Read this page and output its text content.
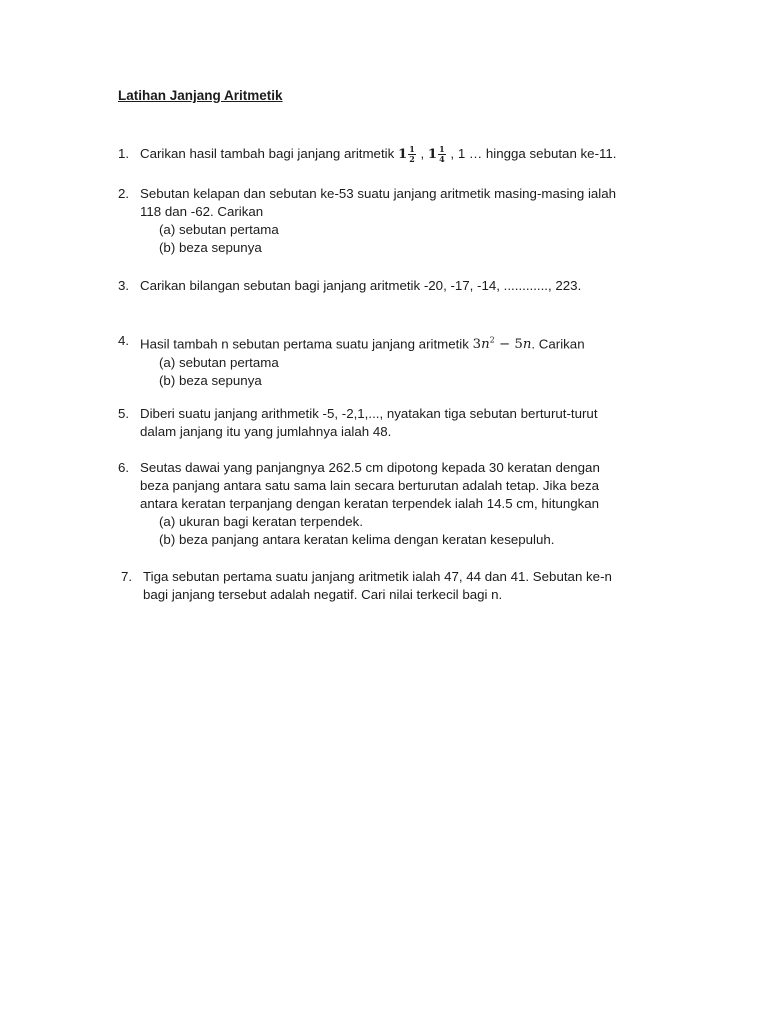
Latihan Janjang Aritmetik
1. Carikan hasil tambah bagi janjang aritmetik $1 \frac{1}{2}$ , $1 \frac{1}{4}$ , 1 … hingga sebutan ke-11.
2. Sebutan kelapan dan sebutan ke-53 suatu janjang aritmetik masing-masing ialah
118 dan -62. Carikan
(a) sebutan pertama
(b) beza sepunya
3. Carikan bilangan sebutan bagi janjang aritmetik -20, -17, -14, ............, 223.
4. Hasil tambah n sebutan pertama suatu janjang aritmetik $3n^2 - 5n$. Carikan
(a) sebutan pertama
(b) beza sepunya
5. Diberi suatu janjang arithmetik -5, -2,1,..., nyatakan tiga sebutan berturut-turut
dalam janjang itu yang jumlahnya ialah 48.
6. Seutas dawai yang panjangnya 262.5 cm dipotong kepada 30 keratan dengan
beza panjang antara satu sama lain secara berturutan adalah tetap. Jika beza
antara keratan terpanjang dengan keratan terpendek ialah 14.5 cm, hitungkan
(a) ukuran bagi keratan terpendek.
(b) beza panjang antara keratan kelima dengan keratan kesepuluh.
7. Tiga sebutan pertama suatu janjang aritmetik ialah 47, 44 dan 41. Sebutan ke-n
bagi janjang tersebut adalah negatif. Cari nilai terkecil bagi n.
